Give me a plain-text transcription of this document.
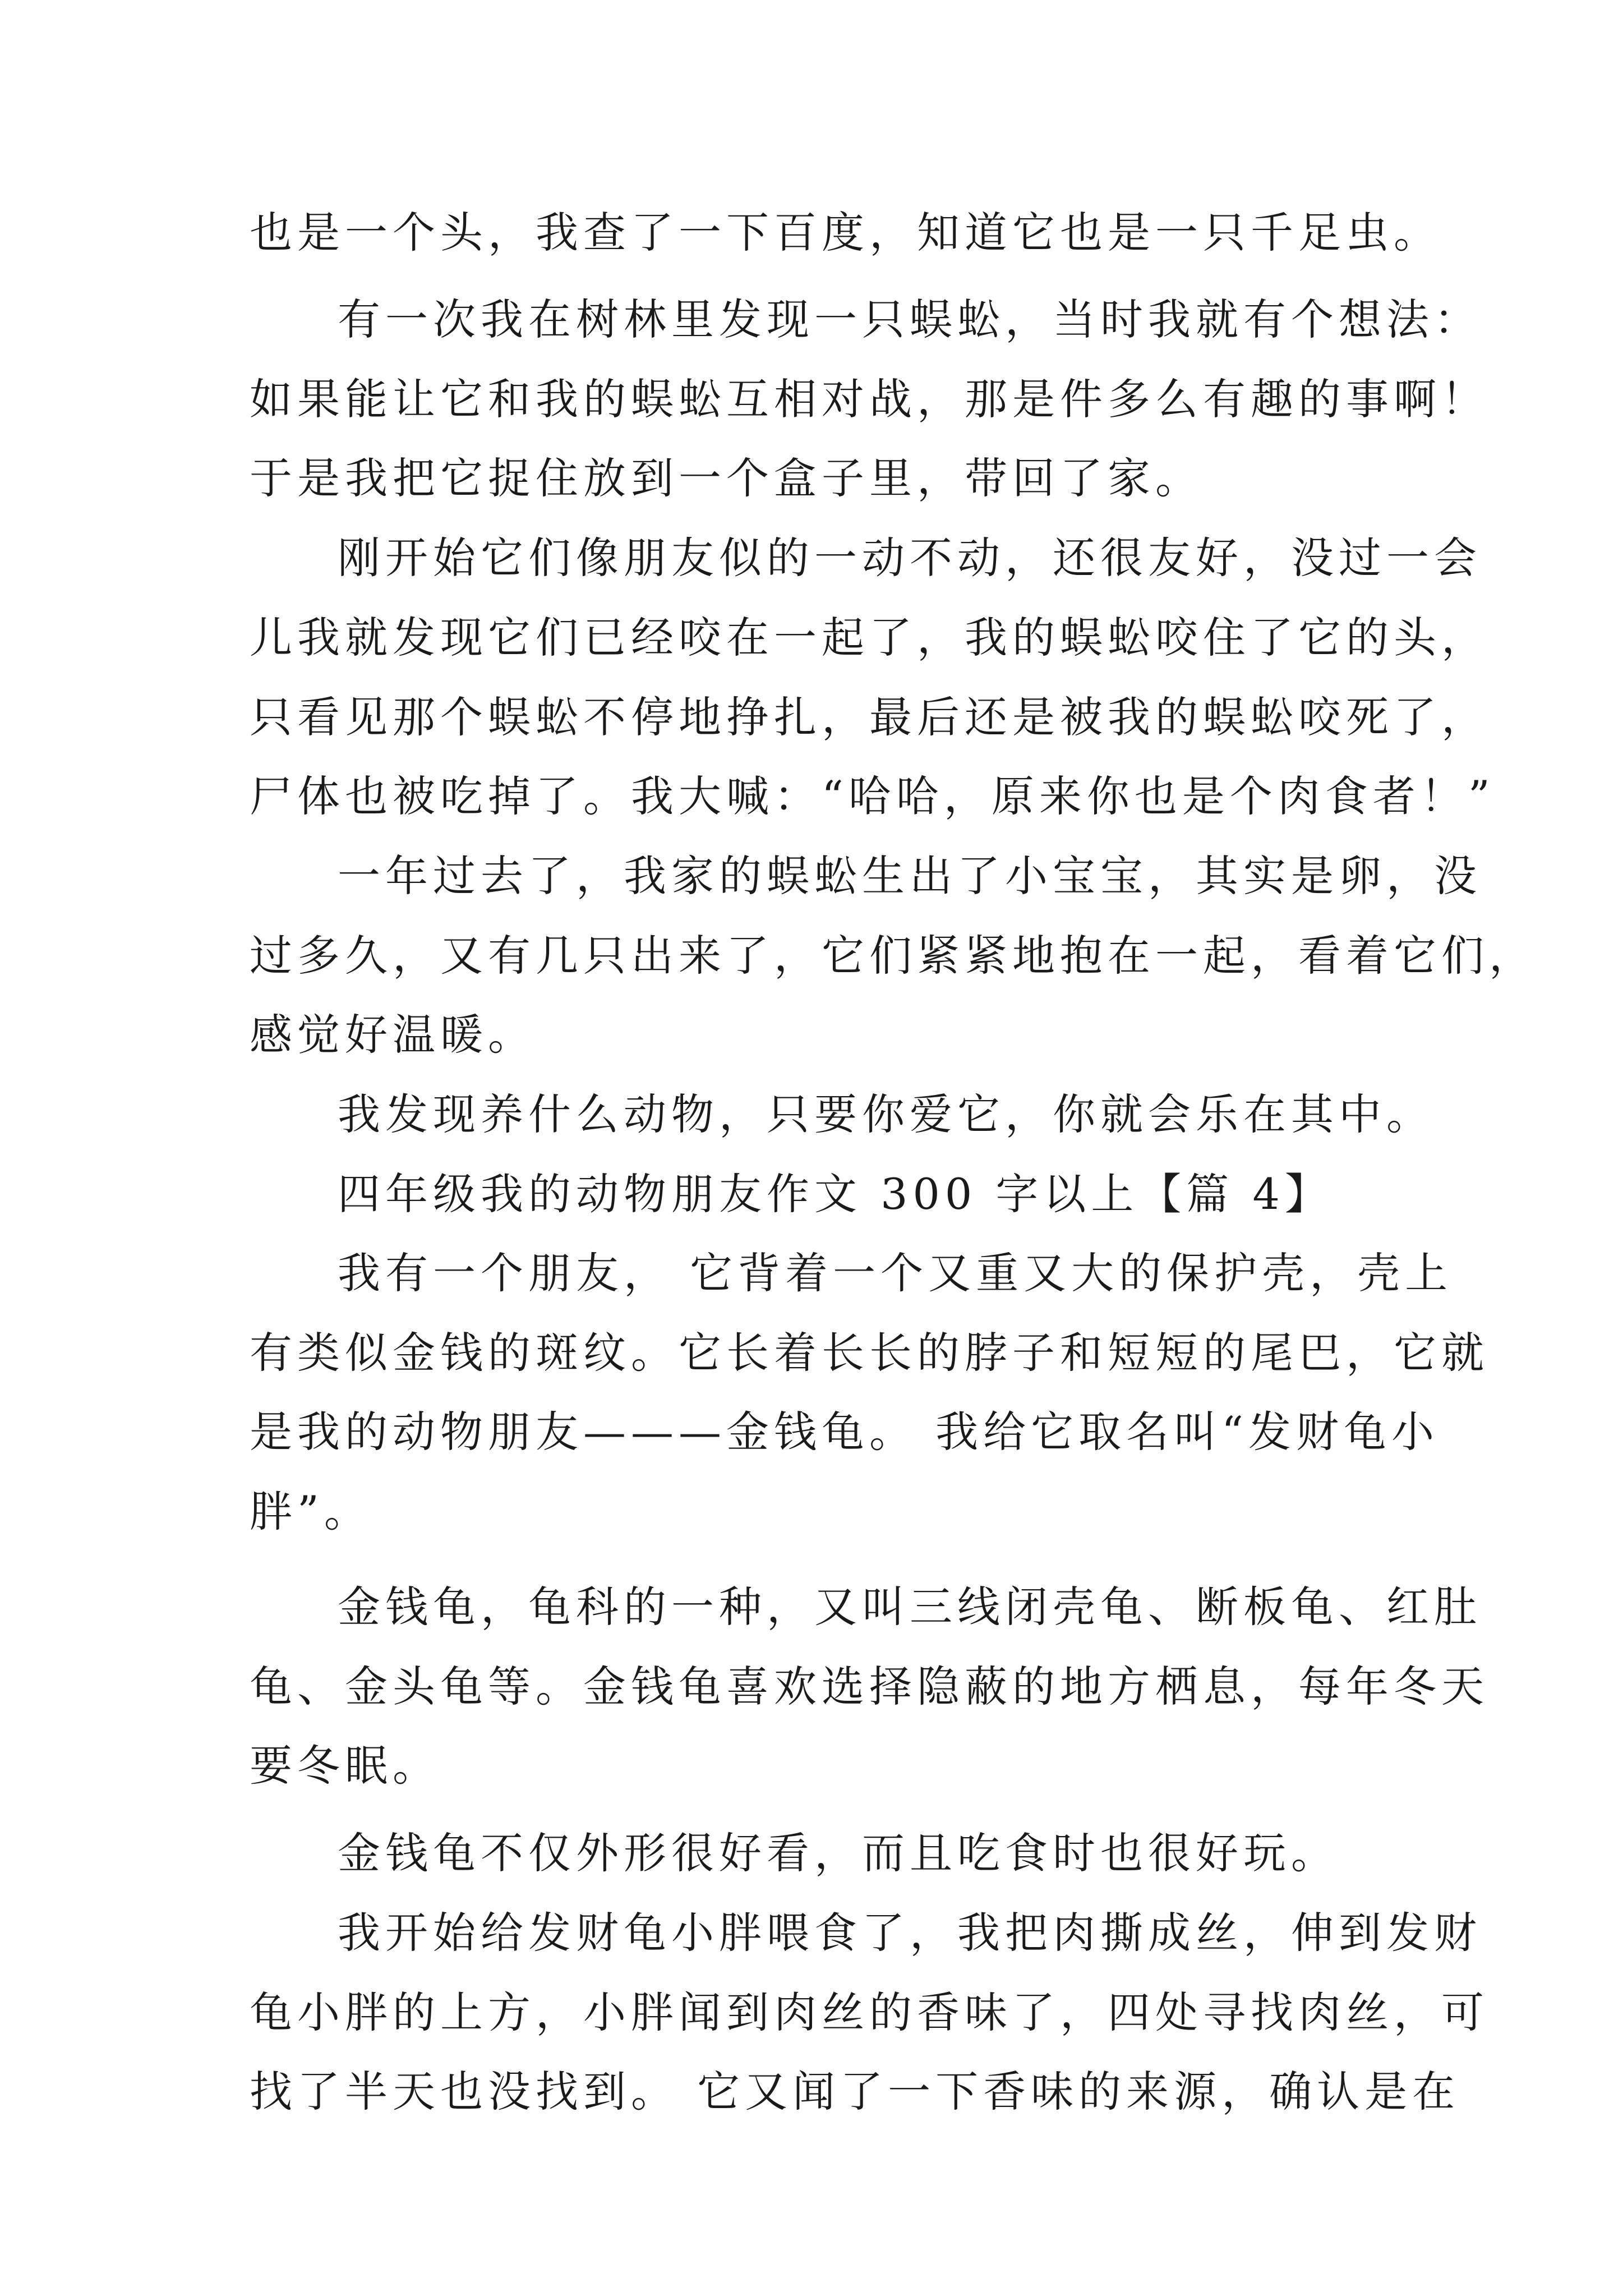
也是一个头，我查了一下百度，知道它也是一只千足虫。
有一次我在树林里发现一只蜈蚣，当时我就有个想法：
如果能让它和我的蜈蚣互相对战，那是件多么有趣的事啊！
于是我把它捉住放到一个盒子里，带回了家。
刚开始它们像朋友似的一动不动，还很友好，没过一会
儿我就发现它们已经咬在一起了，我的蜈蚣咬住了它的头，
只看见那个蜈蚣不停地挣扎，最后还是被我的蜈蚣咬死了，
尸体也被吃掉了。我大喊：“哈哈，原来你也是个肉食者！”
一年过去了，我家的蜈蚣生出了小宝宝，其实是卵，没
过多久，又有几只出来了，它们紧紧地抱在一起，看着它们，
感觉好温暖。
我发现养什么动物，只要你爱它，你就会乐在其中。
四年级我的动物朋友作文 300 字以上【篇 4】
我有一个朋友， 它背着一个又重又大的保护壳，壳上
有类似金钱的斑纹。它长着长长的脖子和短短的尾巴，它就
是我的动物朋友———金钱龟。 我给它取名叫“发财龟小
胖”。
金钱龟，龟科的一种，又叫三线闭壳龟、断板龟、红肚
龟、金头龟等。金钱龟喜欢选择隐蔽的地方栖息，每年冬天
要冬眠。
金钱龟不仅外形很好看，而且吃食时也很好玩。
我开始给发财龟小胖喂食了，我把肉撕成丝，伸到发财
龟小胖的上方，小胖闻到肉丝的香味了，四处寻找肉丝，可
找了半天也没找到。 它又闻了一下香味的来源，确认是在
